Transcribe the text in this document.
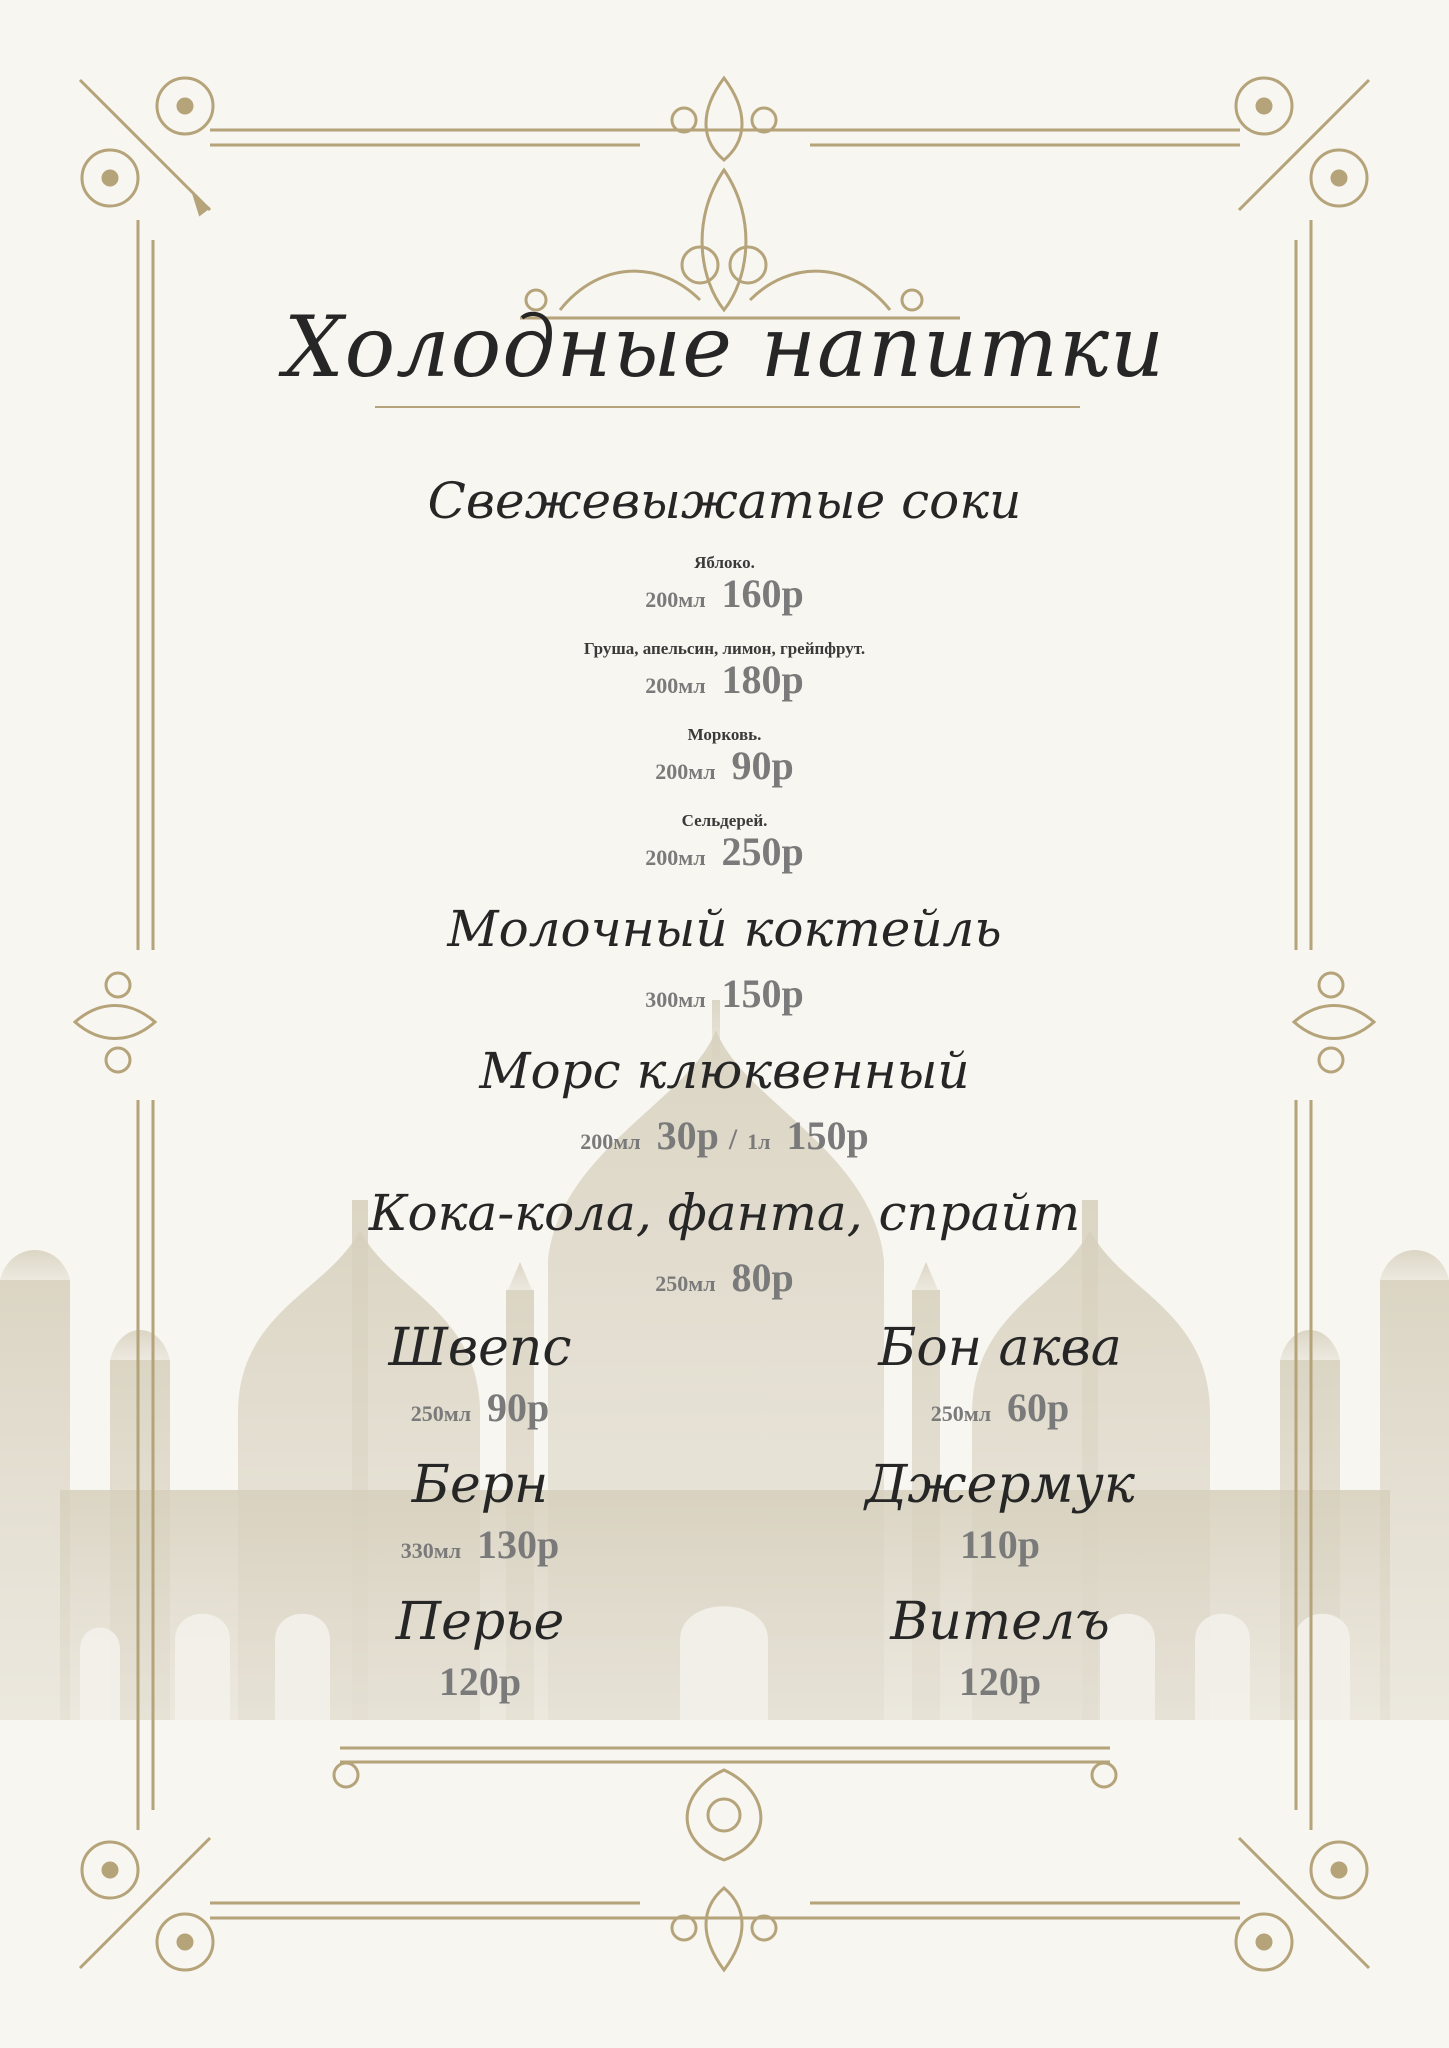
Холодные напитки
Свежевыжатые соки
Яблоко.
200мл 160р
Груша, апельсин, лимон, грейпфрут.
200мл 180р
Морковь.
200мл 90р
Сельдерей.
200мл 250р
Молочный коктейль
300мл 150р
Морс клюквенный
200мл 30р / 1л 150р
Кока-кола, фанта, спрайт
250мл 80р
Швепс
250мл 90р
Бон аква
250мл 60р
Берн
330мл 130р
Джермук
110р
Перье
120р
Вителъ
120р
